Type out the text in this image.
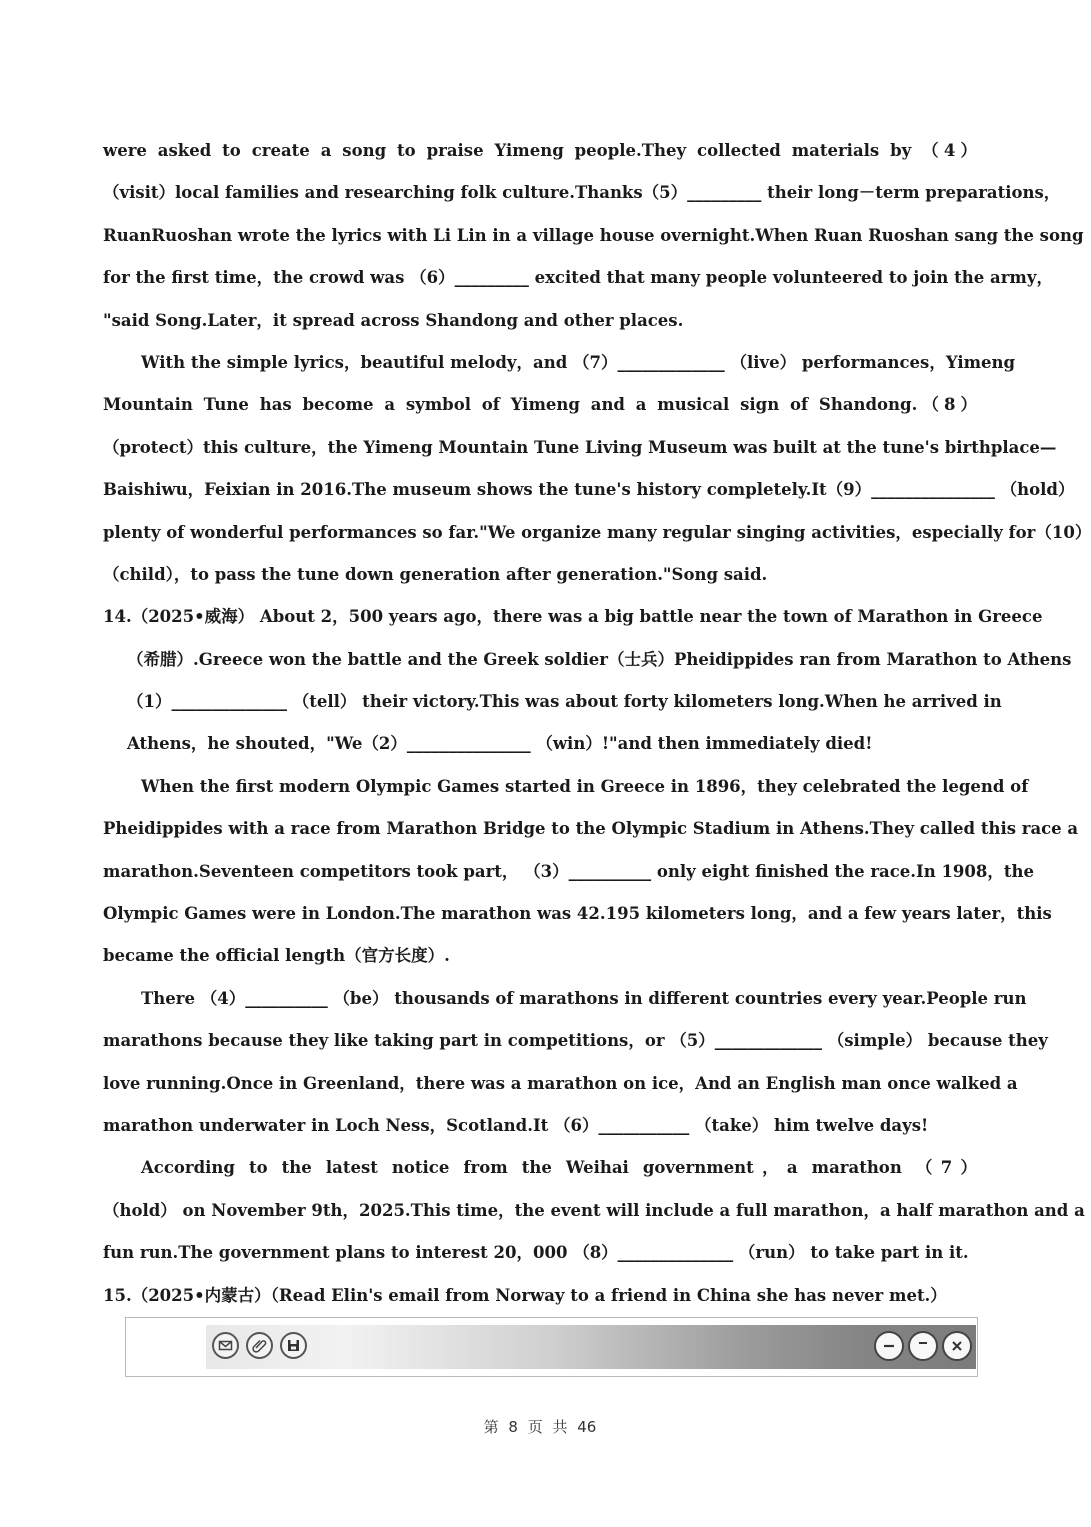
were asked to create a song to praise Yimeng people.They collected materials by （4）
（visit）local families and researching folk culture.Thanks（5）_________ their long－term preparations，
RuanRuoshan wrote the lyrics with Li Lin in a village house overnight.When Ruan Ruoshan sang the song
for the first time，the crowd was （6）_________ excited that many people volunteered to join the army，
"said Song.Later，it spread across Shandong and other places.
With the simple lyrics，beautiful melody，and （7）_____________ （live） performances，Yimeng
Mountain Tune has become a symbol of Yimeng and a musical sign of Shandong.（8）
（protect）this culture，the Yimeng Mountain Tune Living Museum was built at the tune's birthplace—
Baishiwu，Feixian in 2016.The museum shows the tune's history completely.It（9）_______________ （hold）
plenty of wonderful performances so far."We organize many regular singing activities，especially for（10）
（child），to pass the tune down generation after generation."Song said.
14.（2025•威海） About 2，500 years ago，there was a big battle near the town of Marathon in Greece
（希腊）.Greece won the battle and the Greek soldier（士兵）Pheidippides ran from Marathon to Athens
（1）______________ （tell） their victory.This was about forty kilometers long.When he arrived in
Athens，he shouted，"We（2）_______________ （win）!"and then immediately died!
When the first modern Olympic Games started in Greece in 1896，they celebrated the legend of
Pheidippides with a race from Marathon Bridge to the Olympic Stadium in Athens.They called this race a
marathon.Seventeen competitors took part， （3）__________ only eight finished the race.In 1908，the
Olympic Games were in London.The marathon was 42.195 kilometers long，and a few years later，this
became the official length（官方长度）.
There （4）__________ （be） thousands of marathons in different countries every year.People run
marathons because they like taking part in competitions，or （5）_____________ （simple） because they
love running.Once in Greenland，there was a marathon on ice，And an English man once walked a
marathon underwater in Loch Ness，Scotland.It （6）___________ （take） him twelve days!
According to the latest notice from the Weihai government，a marathon （7）
（hold） on November 9th，2025.This time，the event will include a full marathon，a half marathon and a
fun run.The government plans to interest 20，000 （8）______________ （run） to take part in it.
15.（2025•内蒙古）（Read Elin's email from Norway to a friend in China she has never met.）
第 8 页 共 46
